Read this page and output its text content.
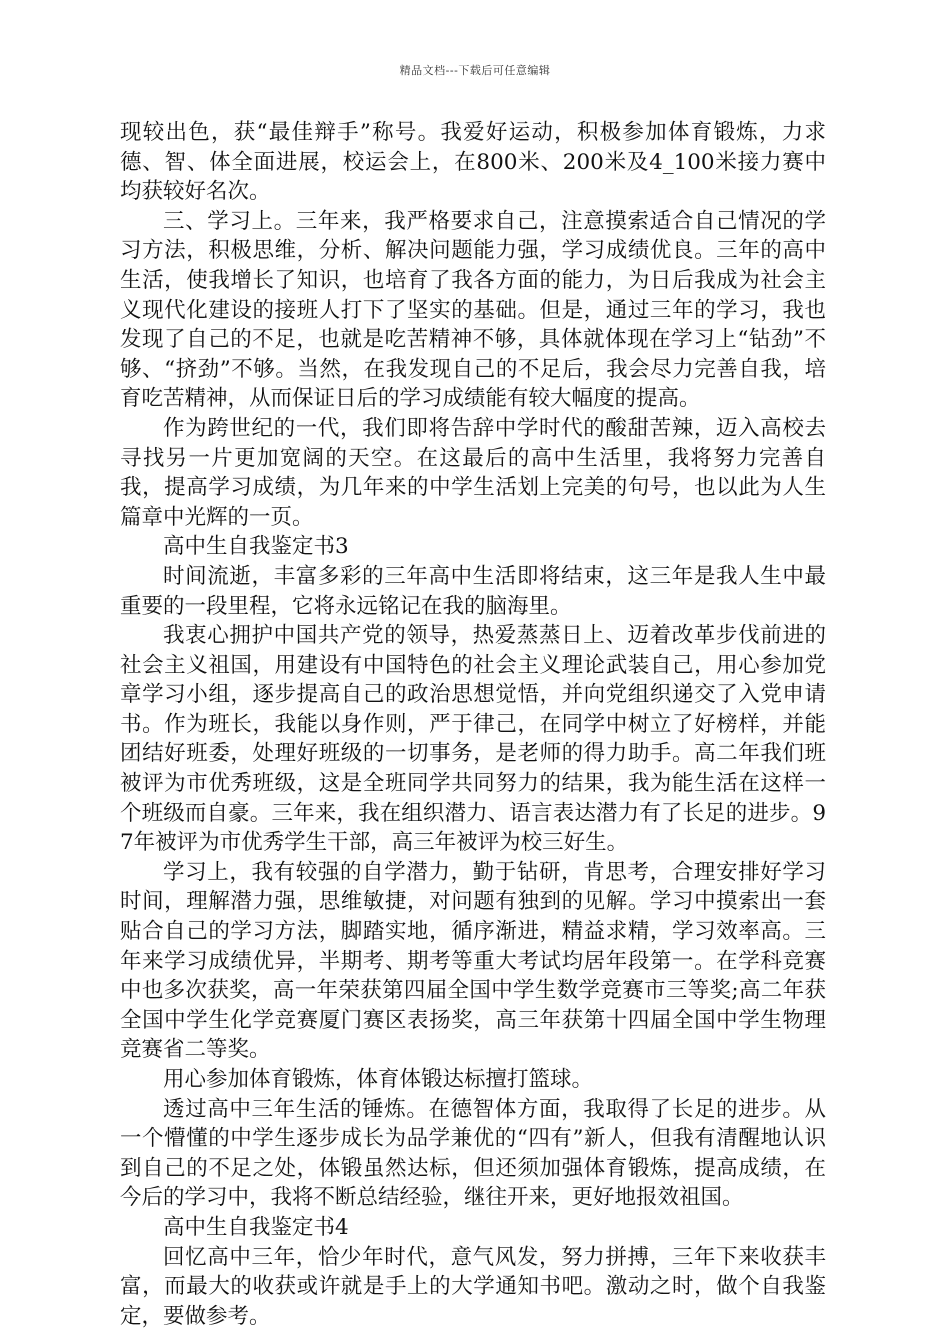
精品文档---下载后可任意编辑

现较出色，获“最佳辩手”称号。我爱好运动，积极参加体育锻炼，力求德、智、体全面进展，校运会上，在800米、200米及4_100米接力赛中均获较好名次。

三、学习上。三年来，我严格要求自己，注意摸索适合自己情况的学习方法，积极思维，分析、解决问题能力强，学习成绩优良。三年的高中生活，使我增长了知识，也培育了我各方面的能力，为日后我成为社会主义现代化建设的接班人打下了坚实的基础。但是，通过三年的学习，我也发现了自己的不足，也就是吃苦精神不够，具体就体现在学习上“钻劲”不够、“挤劲”不够。当然，在我发现自己的不足后，我会尽力完善自我，培育吃苦精神，从而保证日后的学习成绩能有较大幅度的提高。

作为跨世纪的一代，我们即将告辞中学时代的酸甜苦辣，迈入高校去寻找另一片更加宽阔的天空。在这最后的高中生活里，我将努力完善自我，提高学习成绩，为几年来的中学生活划上完美的句号，也以此为人生篇章中光辉的一页。

高中生自我鉴定书3

时间流逝，丰富多彩的三年高中生活即将结束，这三年是我人生中最重要的一段里程，它将永远铭记在我的脑海里。

我衷心拥护中国共产党的领导，热爱蒸蒸日上、迈着改革步伐前进的社会主义祖国，用建设有中国特色的社会主义理论武装自己，用心参加党章学习小组，逐步提高自己的政治思想觉悟，并向党组织递交了入党申请书。作为班长，我能以身作则，严于律己，在同学中树立了好榜样，并能团结好班委，处理好班级的一切事务，是老师的得力助手。高二年我们班被评为市优秀班级，这是全班同学共同努力的结果，我为能生活在这样一个班级而自豪。三年来，我在组织潜力、语言表达潜力有了长足的进步。97年被评为市优秀学生干部，高三年被评为校三好生。

学习上，我有较强的自学潜力，勤于钻研，肯思考，合理安排好学习时间，理解潜力强，思维敏捷，对问题有独到的见解。学习中摸索出一套贴合自己的学习方法，脚踏实地，循序渐进，精益求精，学习效率高。三年来学习成绩优异，半期考、期考等重大考试均居年段第一。在学科竞赛中也多次获奖，高一年荣获第四届全国中学生数学竞赛市三等奖;高二年获全国中学生化学竞赛厦门赛区表扬奖，高三年获第十四届全国中学生物理竞赛省二等奖。

用心参加体育锻炼，体育体锻达标擅打篮球。

透过高中三年生活的锤炼。在德智体方面，我取得了长足的进步。从一个懵懂的中学生逐步成长为品学兼优的“四有”新人，但我有清醒地认识到自己的不足之处，体锻虽然达标，但还须加强体育锻炼，提高成绩，在今后的学习中，我将不断总结经验，继往开来，更好地报效祖国。

高中生自我鉴定书4

回忆高中三年，恰少年时代，意气风发，努力拼搏，三年下来收获丰富，而最大的收获或许就是手上的大学通知书吧。激动之时，做个自我鉴定，要做参考。
